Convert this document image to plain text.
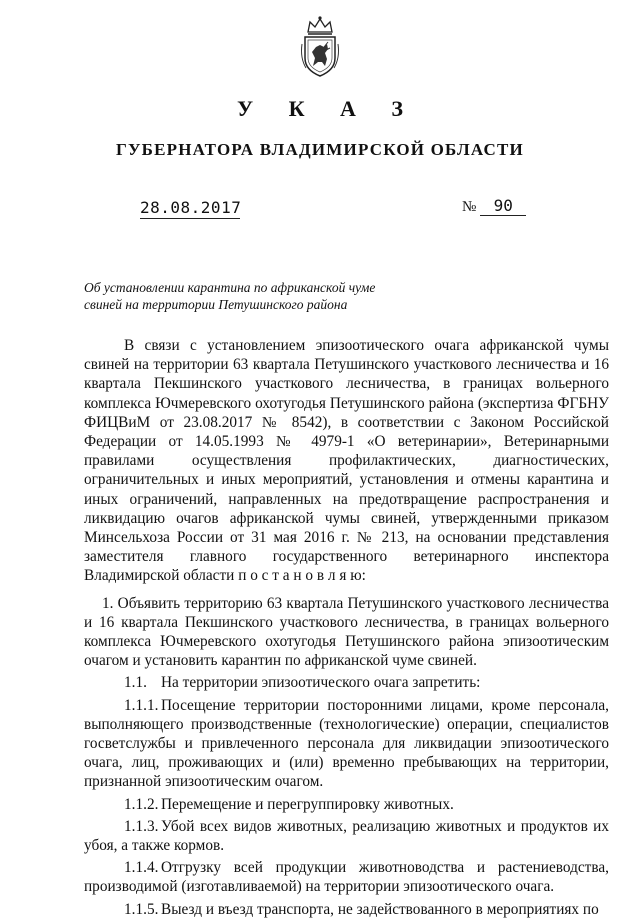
У К А З
ГУБЕРНАТОРА ВЛАДИМИРСКОЙ ОБЛАСТИ
28.08.2017	№ 90
Об установлении карантина по африканской чуме
свиней на территории Петушинского района

В связи с установлением эпизоотического очага африканской чумы свиней на территории 63 квартала Петушинского участкового лесничества и 16 квартала Пекшинского участкового лесничества, в границах вольерного комплекса Ючмеревского охотугодья Петушинского района (экспертиза ФГБНУ ФИЦВиМ от 23.08.2017 № 8542), в соответствии с Законом Российской Федерации от 14.05.1993 № 4979-1 «О ветеринарии», Ветеринарными правилами осуществления профилактических, диагностических, ограничительных и иных мероприятий, установления и отмены карантина и иных ограничений, направленных на предотвращение распространения и ликвидацию очагов африканской чумы свиней, утвержденными приказом Минсельхоза России от 31 мая 2016 г. № 213, на основании представления заместителя главного государственного ветеринарного инспектора Владимирской области п о с т а н о в л я ю:

1. Объявить территорию 63 квартала Петушинского участкового лесничества и 16 квартала Пекшинского участкового лесничества, в границах вольерного комплекса Ючмеревского охотугодья Петушинского района эпизоотическим очагом и установить карантин по африканской чуме свиней.

1.1. На территории эпизоотического очага запретить:

1.1.1. Посещение территории посторонними лицами, кроме персонала, выполняющего производственные (технологические) операции, специалистов госветслужбы и привлеченного персонала для ликвидации эпизоотического очага, лиц, проживающих и (или) временно пребывающих на территории, признанной эпизоотическим очагом.

1.1.2. Перемещение и перегруппировку животных.

1.1.3. Убой всех видов животных, реализацию животных и продуктов их убоя, а также кормов.

1.1.4. Отгрузку всей продукции животноводства и растениеводства, производимой (изготавливаемой) на территории эпизоотического очага.

1.1.5. Выезд и въезд транспорта, не задействованного в мероприятиях по
